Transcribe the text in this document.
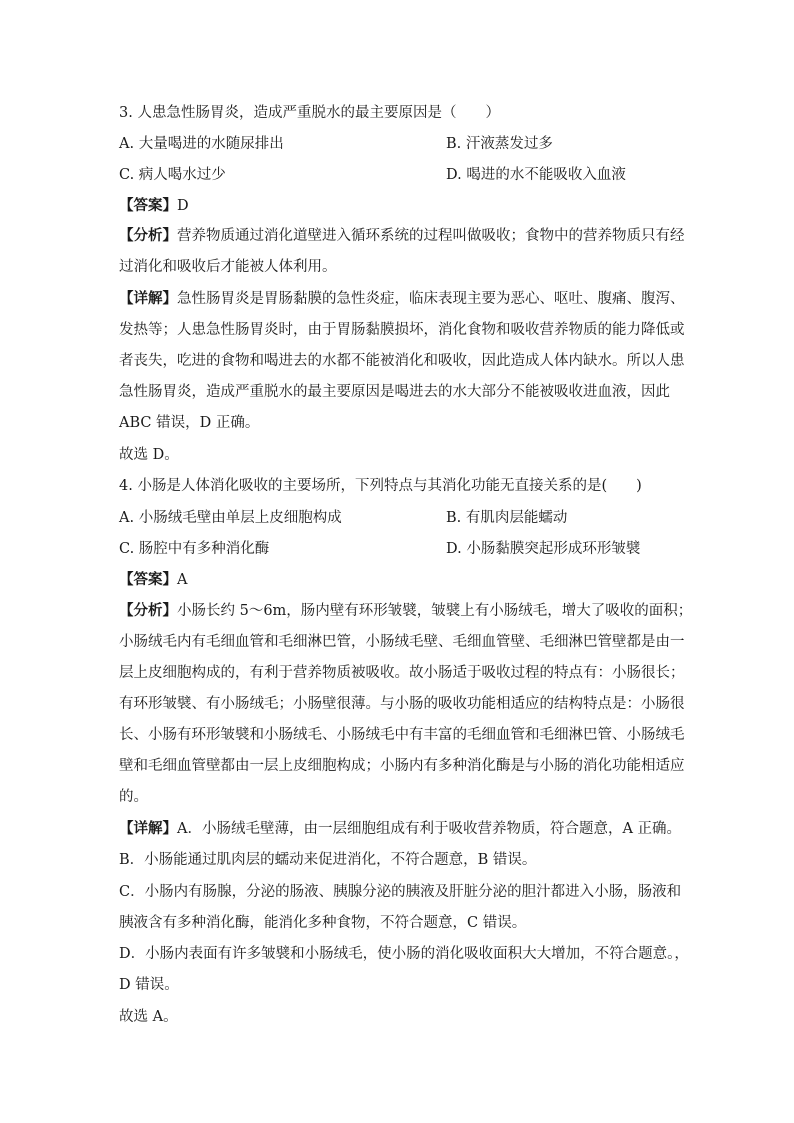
3. 人患急性肠胃炎，造成严重脱水的最主要原因是（　　）
A. 大量喝进的水随尿排出	B. 汗液蒸发过多
C. 病人喝水过少	D. 喝进的水不能吸收入血液
【答案】D
【分析】营养物质通过消化道壁进入循环系统的过程叫做吸收；食物中的营养物质只有经
过消化和吸收后才能被人体利用。
【详解】急性肠胃炎是胃肠黏膜的急性炎症，临床表现主要为恶心、呕吐、腹痛、腹泻、
发热等；人患急性肠胃炎时，由于胃肠黏膜损坏，消化食物和吸收营养物质的能力降低或
者丧失，吃进的食物和喝进去的水都不能被消化和吸收，因此造成人体内缺水。所以人患
急性肠胃炎，造成严重脱水的最主要原因是喝进去的水大部分不能被吸收进血液，因此
ABC 错误，D 正确。
故选 D。
4. 小肠是人体消化吸收的主要场所，下列特点与其消化功能无直接关系的是(　　)
A. 小肠绒毛壁由单层上皮细胞构成	B. 有肌肉层能蠕动
C. 肠腔中有多种消化酶	D. 小肠黏膜突起形成环形皱襞
【答案】A
【分析】小肠长约 5～6m，肠内壁有环形皱襞，皱襞上有小肠绒毛，增大了吸收的面积；
小肠绒毛内有毛细血管和毛细淋巴管，小肠绒毛壁、毛细血管壁、毛细淋巴管壁都是由一
层上皮细胞构成的，有利于营养物质被吸收。故小肠适于吸收过程的特点有：小肠很长；
有环形皱襞、有小肠绒毛；小肠壁很薄。与小肠的吸收功能相适应的结构特点是：小肠很
长、小肠有环形皱襞和小肠绒毛、小肠绒毛中有丰富的毛细血管和毛细淋巴管、小肠绒毛
壁和毛细血管壁都由一层上皮细胞构成；小肠内有多种消化酶是与小肠的消化功能相适应
的。
【详解】A．小肠绒毛壁薄，由一层细胞组成有利于吸收营养物质，符合题意，A 正确。
B．小肠能通过肌肉层的蠕动来促进消化，不符合题意，B 错误。
C．小肠内有肠腺，分泌的肠液、胰腺分泌的胰液及肝脏分泌的胆汁都进入小肠，肠液和
胰液含有多种消化酶，能消化多种食物，不符合题意，C 错误。
D．小肠内表面有许多皱襞和小肠绒毛，使小肠的消化吸收面积大大增加，不符合题意。，
D 错误。
故选 A。
